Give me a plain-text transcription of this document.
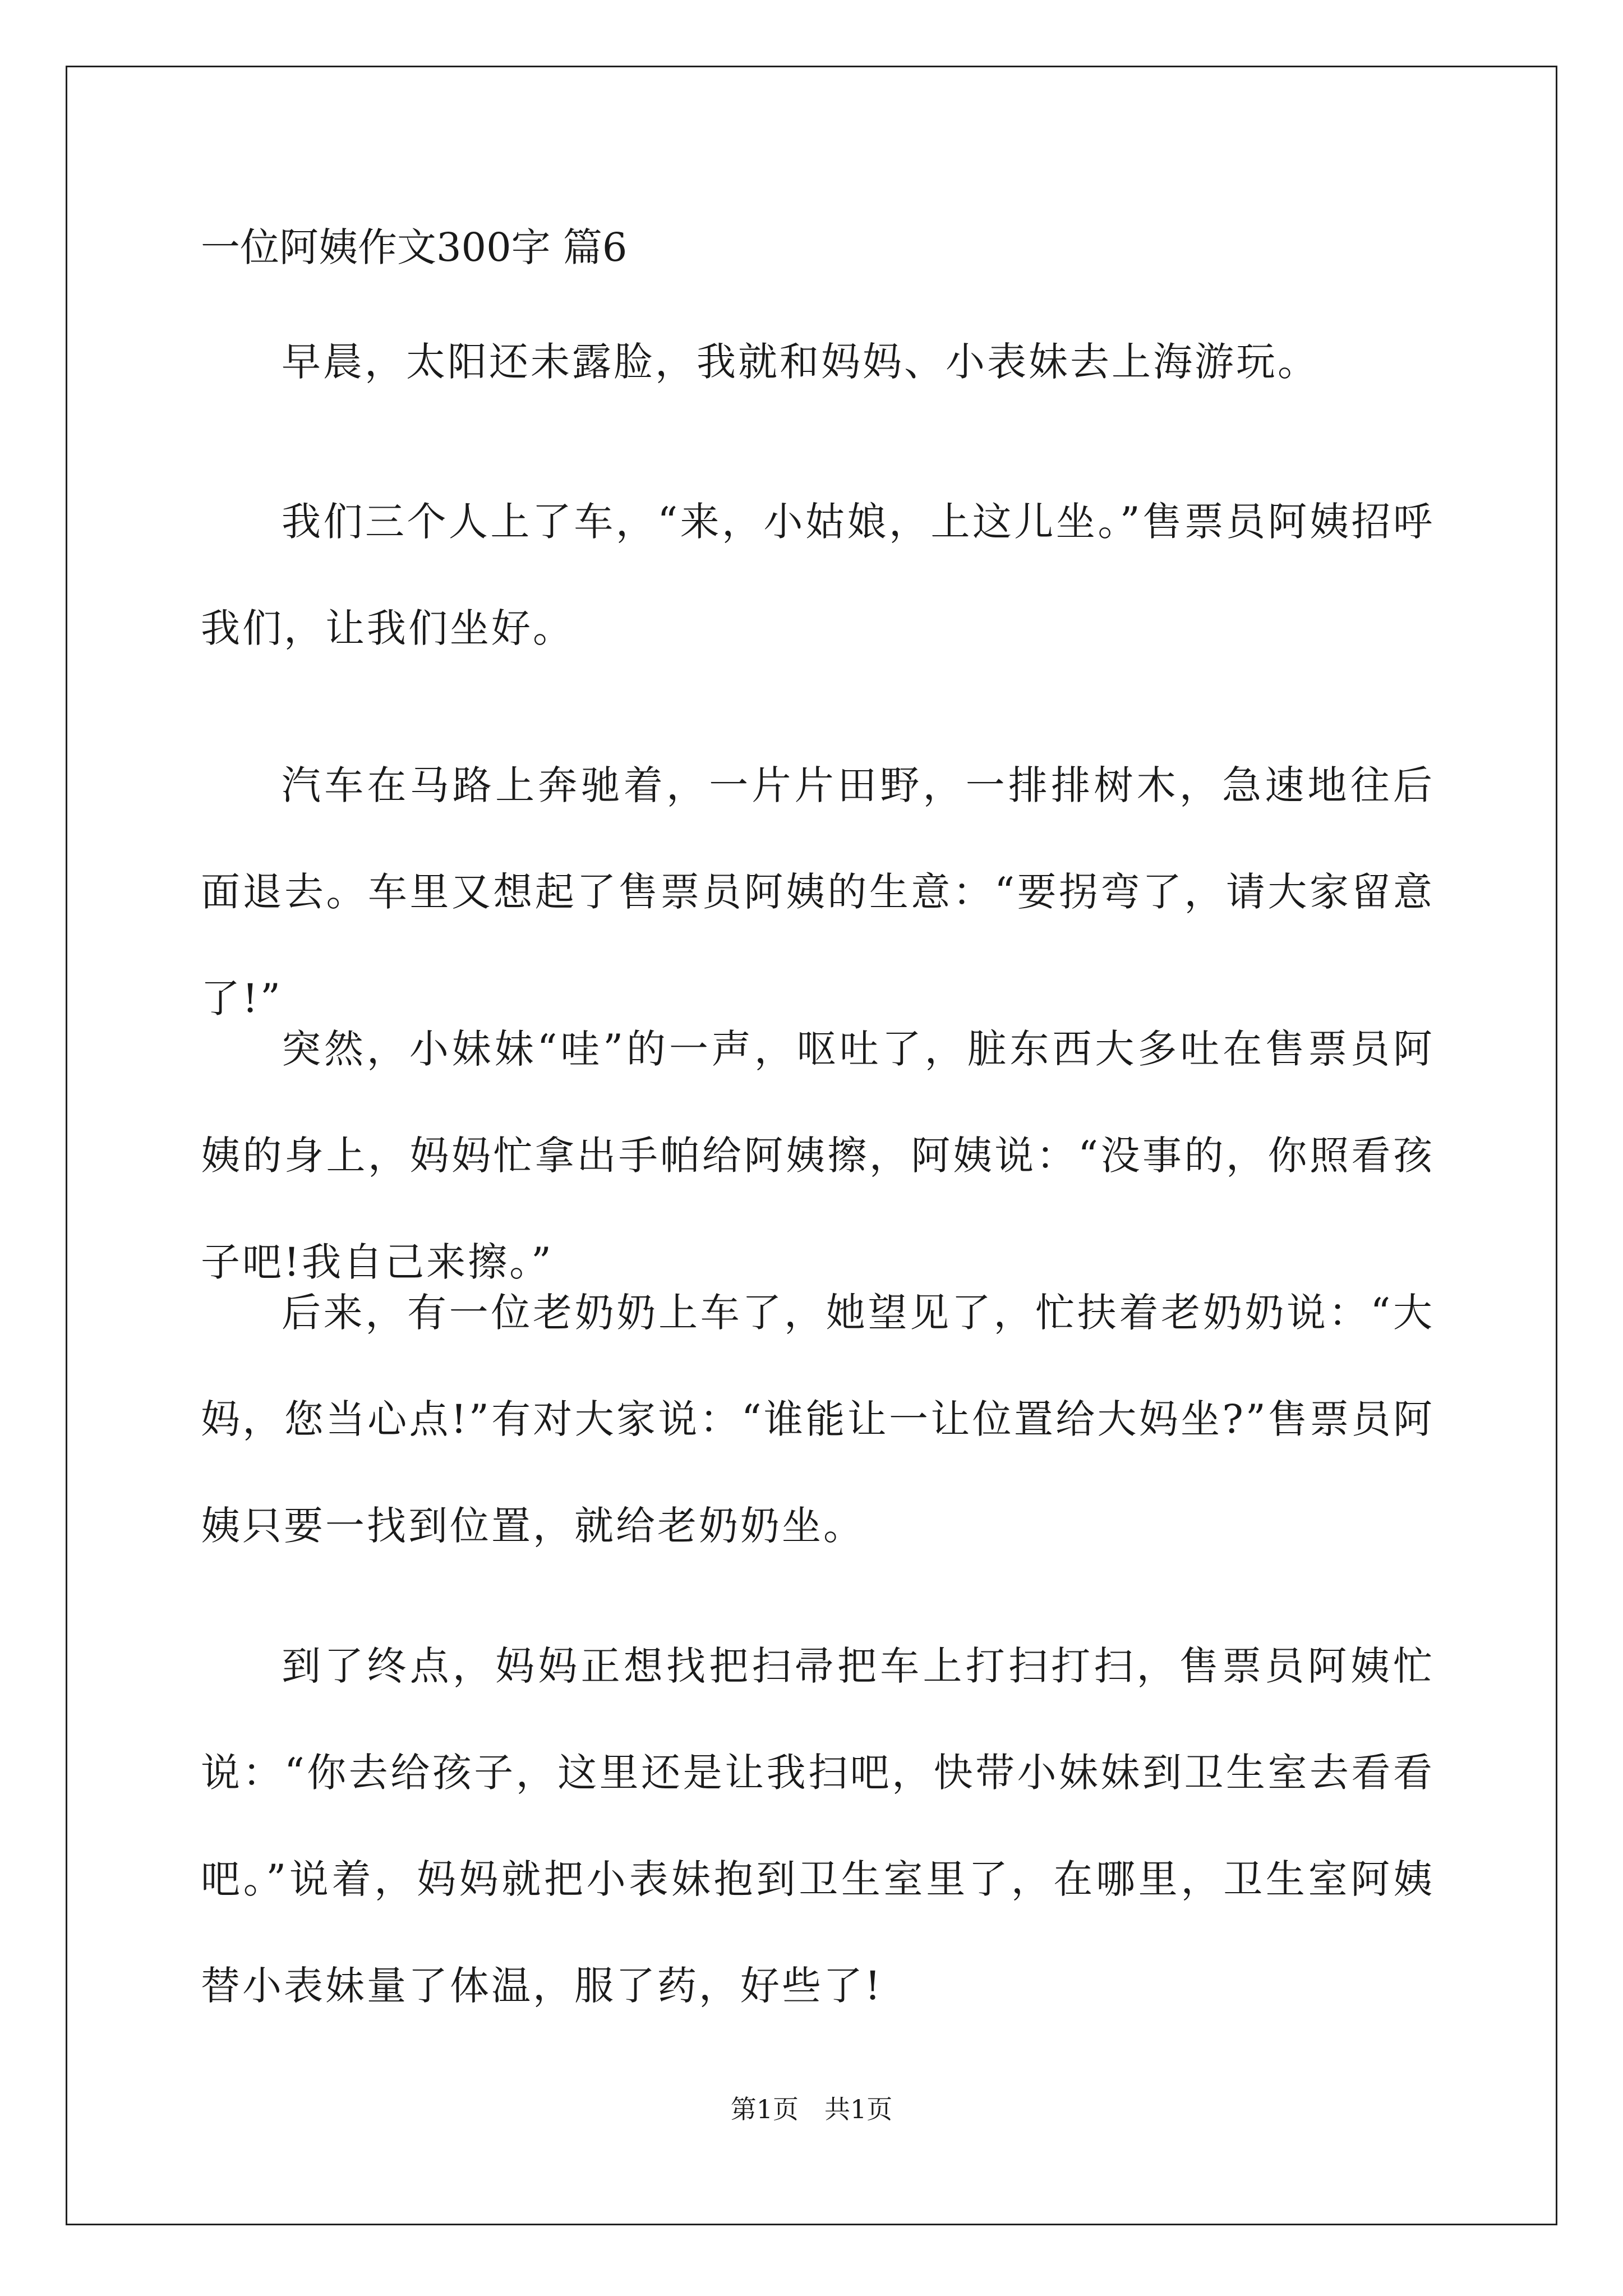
一位阿姨作文300字 篇6

早晨，太阳还未露脸，我就和妈妈、小表妹去上海游玩。

我们三个人上了车，“来，小姑娘，上这儿坐。”售票员阿姨招呼我们，让我们坐好。

汽车在马路上奔驰着，一片片田野，一排排树木，急速地往后面退去。车里又想起了售票员阿姨的生意：“要拐弯了，请大家留意了!”

突然，小妹妹“哇”的一声，呕吐了，脏东西大多吐在售票员阿姨的身上，妈妈忙拿出手帕给阿姨擦，阿姨说：“没事的，你照看孩子吧!我自己来擦。”

后来，有一位老奶奶上车了，她望见了，忙扶着老奶奶说：“大妈，您当心点!”有对大家说：“谁能让一让位置给大妈坐?”售票员阿姨只要一找到位置，就给老奶奶坐。

到了终点，妈妈正想找把扫帚把车上打扫打扫，售票员阿姨忙说：“你去给孩子，这里还是让我扫吧，快带小妹妹到卫生室去看看吧。”说着，妈妈就把小表妹抱到卫生室里了，在哪里，卫生室阿姨替小表妹量了体温，服了药，好些了!

第1页　共1页
